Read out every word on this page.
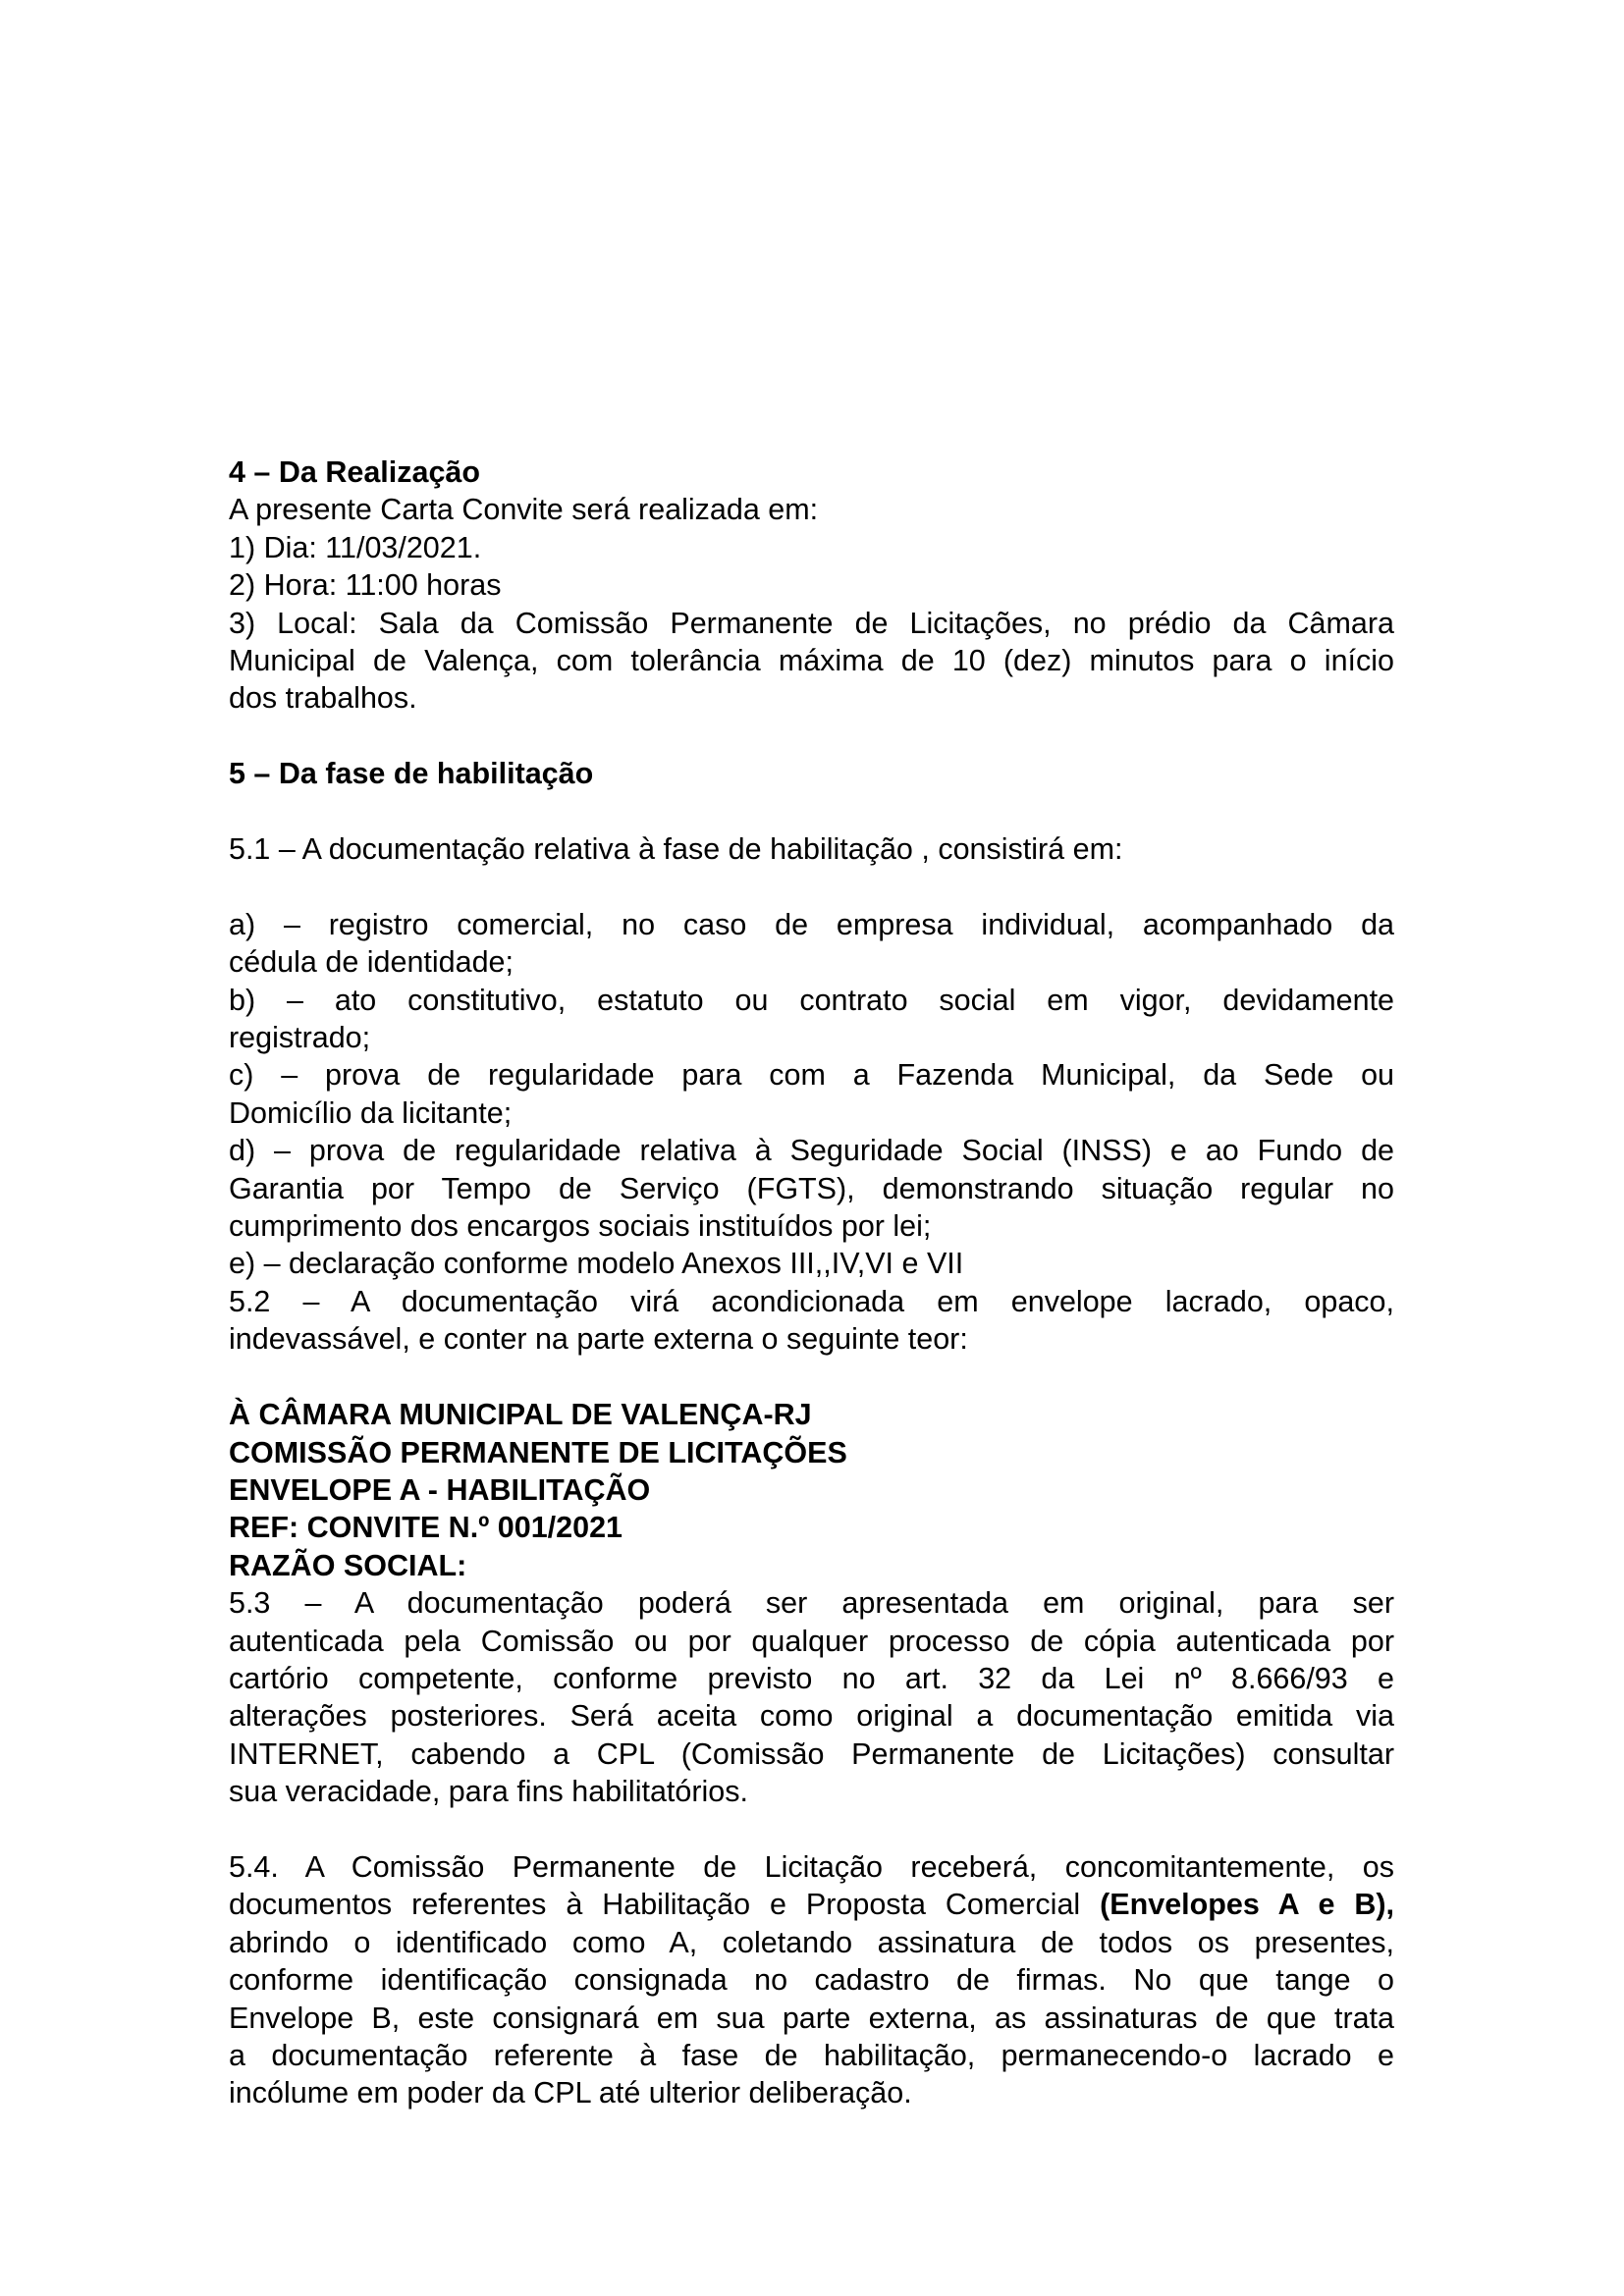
4 – Da Realização
A presente Carta Convite será realizada em:
1) Dia: 11/03/2021.
2) Hora: 11:00 horas
3) Local: Sala da Comissão Permanente de Licitações, no prédio da Câmara
Municipal de Valença, com tolerância máxima de 10 (dez) minutos para o início
dos trabalhos.
5 – Da fase de habilitação
5.1 – A documentação relativa à fase de habilitação , consistirá em:
a) – registro comercial, no caso de empresa individual, acompanhado da
cédula de identidade;
b) – ato constitutivo, estatuto ou contrato social em vigor, devidamente
registrado;
c) – prova de regularidade para com a Fazenda Municipal, da Sede ou
Domicílio da licitante;
d) – prova de regularidade relativa à Seguridade Social (INSS) e ao Fundo de
Garantia por Tempo de Serviço (FGTS), demonstrando situação regular no
cumprimento dos encargos sociais instituídos por lei;
e) – declaração conforme modelo Anexos III,,IV,VI e VII
5.2 – A documentação virá acondicionada em envelope lacrado, opaco,
indevassável, e conter na parte externa o seguinte teor:
À CÂMARA MUNICIPAL DE VALENÇA-RJ
COMISSÃO PERMANENTE DE LICITAÇÕES
ENVELOPE A - HABILITAÇÃO
REF: CONVITE N.º 001/2021
RAZÃO SOCIAL:
5.3 – A documentação poderá ser apresentada em original, para ser
autenticada pela Comissão ou por qualquer processo de cópia autenticada por
cartório competente, conforme previsto no art. 32 da Lei nº 8.666/93 e
alterações posteriores. Será aceita como original a documentação emitida via
INTERNET, cabendo a CPL (Comissão Permanente de Licitações) consultar
sua veracidade, para fins habilitatórios.
5.4. A Comissão Permanente de Licitação receberá, concomitantemente, os
documentos referentes à Habilitação e Proposta Comercial (Envelopes A e B),
abrindo o identificado como A, coletando assinatura de todos os presentes,
conforme identificação consignada no cadastro de firmas. No que tange o
Envelope B, este consignará em sua parte externa, as assinaturas de que trata
a documentação referente à fase de habilitação, permanecendo-o lacrado e
incólume em poder da CPL até ulterior deliberação.
